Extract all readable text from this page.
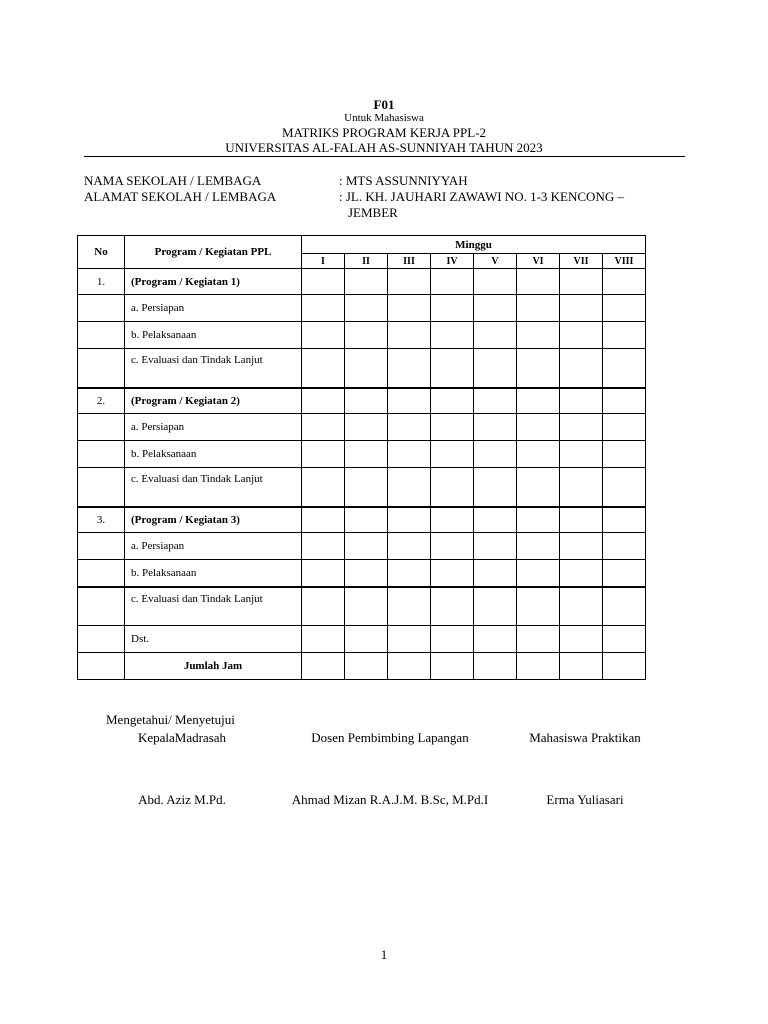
F01
Untuk Mahasiswa
MATRIKS PROGRAM KERJA PPL-2
UNIVERSITAS AL-FALAH AS-SUNNIYAH TAHUN 2023
NAMA SEKOLAH / LEMBAGA	: MTS ASSUNNIYYAH
ALAMAT SEKOLAH / LEMBAGA	: JL. KH. JAUHARI ZAWAWI NO. 1-3 KENCONG –
JEMBER
No	Program / Kegiatan PPL	Minggu							
		I	II	III	IV	V	VI	VII	VIII
1.	(Program / Kegiatan 1)								
	a. Persiapan								
	b. Pelaksanaan								
	c. Evaluasi dan Tindak Lanjut								
2.	(Program / Kegiatan 2)								
	a. Persiapan								
	b. Pelaksanaan								
	c. Evaluasi dan Tindak Lanjut								
3.	(Program / Kegiatan 3)								
	a. Persiapan								
	b. Pelaksanaan								
	c. Evaluasi dan Tindak Lanjut								
	Dst.								
	Jumlah Jam								
Mengetahui/ Menyetujui
KepalaMadrasah	Dosen Pembimbing Lapangan	Mahasiswa Praktikan
Abd. Aziz M.Pd.	Ahmad Mizan R.A.J.M. B.Sc, M.Pd.I	Erma Yuliasari
1
